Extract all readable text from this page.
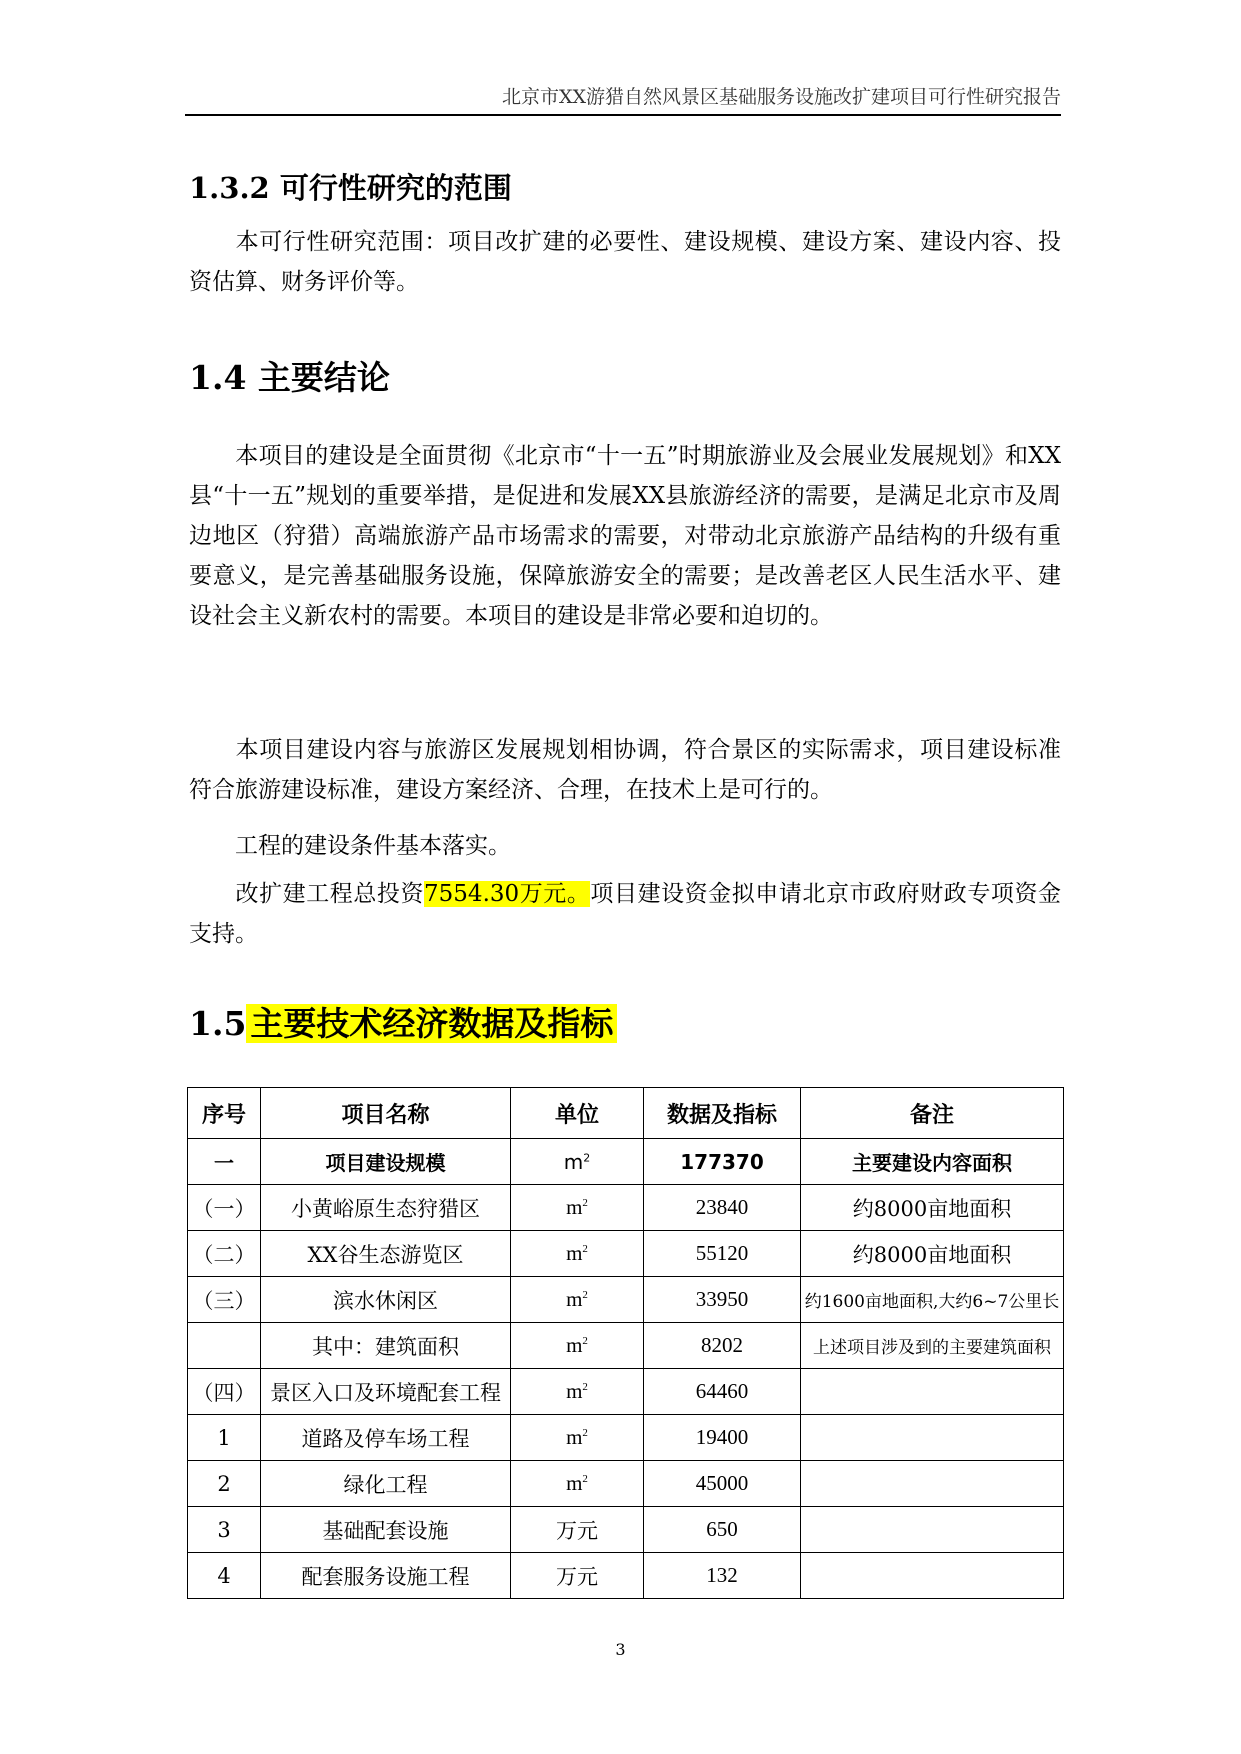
北京市XX游猎自然风景区基础服务设施改扩建项目可行性研究报告
1.3.2 可行性研究的范围
本可行性研究范围：项目改扩建的必要性、建设规模、建设方案、建设内容、投资估算、财务评价等。
1.4 主要结论
本项目的建设是全面贯彻《北京市“十一五”时期旅游业及会展业发展规划》和XX县“十一五”规划的重要举措，是促进和发展XX县旅游经济的需要，是满足北京市及周边地区（狩猎）高端旅游产品市场需求的需要，对带动北京旅游产品结构的升级有重要意义，是完善基础服务设施，保障旅游安全的需要；是改善老区人民生活水平、建设社会主义新农村的需要。本项目的建设是非常必要和迫切的。
本项目建设内容与旅游区发展规划相协调，符合景区的实际需求，项目建设标准符合旅游建设标准，建设方案经济、合理，在技术上是可行的。
工程的建设条件基本落实。
改扩建工程总投资7554.30万元。项目建设资金拟申请北京市政府财政专项资金支持。
1.5 主要技术经济数据及指标
序号	项目名称	单位	数据及指标	备注
一	项目建设规模	$m^2$	177370	主要建设内容面积
（一）	小黄峪原生态狩猎区	$m^2$	23840	约8000亩地面积
（二）	XX谷生态游览区	$m^2$	55120	约8000亩地面积
（三）	滨水休闲区	$m^2$	33950	约1600亩地面积,大约6~7公里长
	其中：建筑面积	$m^2$	8202	上述项目涉及到的主要建筑面积
（四）	景区入口及环境配套工程	$m^2$	64460	
1	道路及停车场工程	$m^2$	19400	
2	绿化工程	$m^2$	45000	
3	基础配套设施	万元	650	
4	配套服务设施工程	万元	132	
3
